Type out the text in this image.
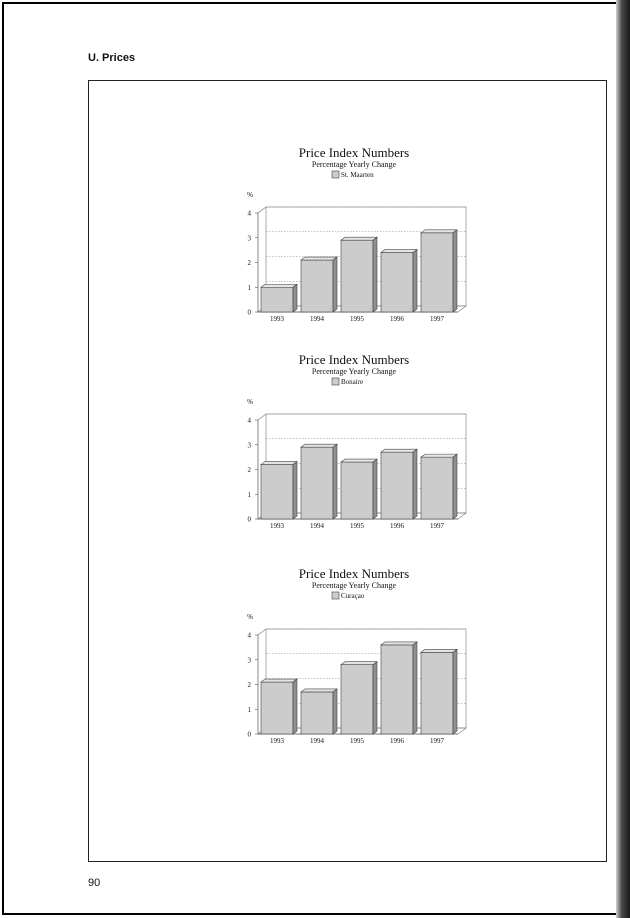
U. Prices
Price Index Numbers
Percentage Yearly Change
St. Maarten
0
1
2
3
4
%
1993	1994	1995	1996	1997
Price Index Numbers
Percentage Yearly Change
Bonaire
0
1
2
3
4
%
1993	1994	1995	1996	1997
Price Index Numbers
Percentage Yearly Change
Curaçao
0
1
2
3
4
%
1993	1994	1995	1996	1997
90
